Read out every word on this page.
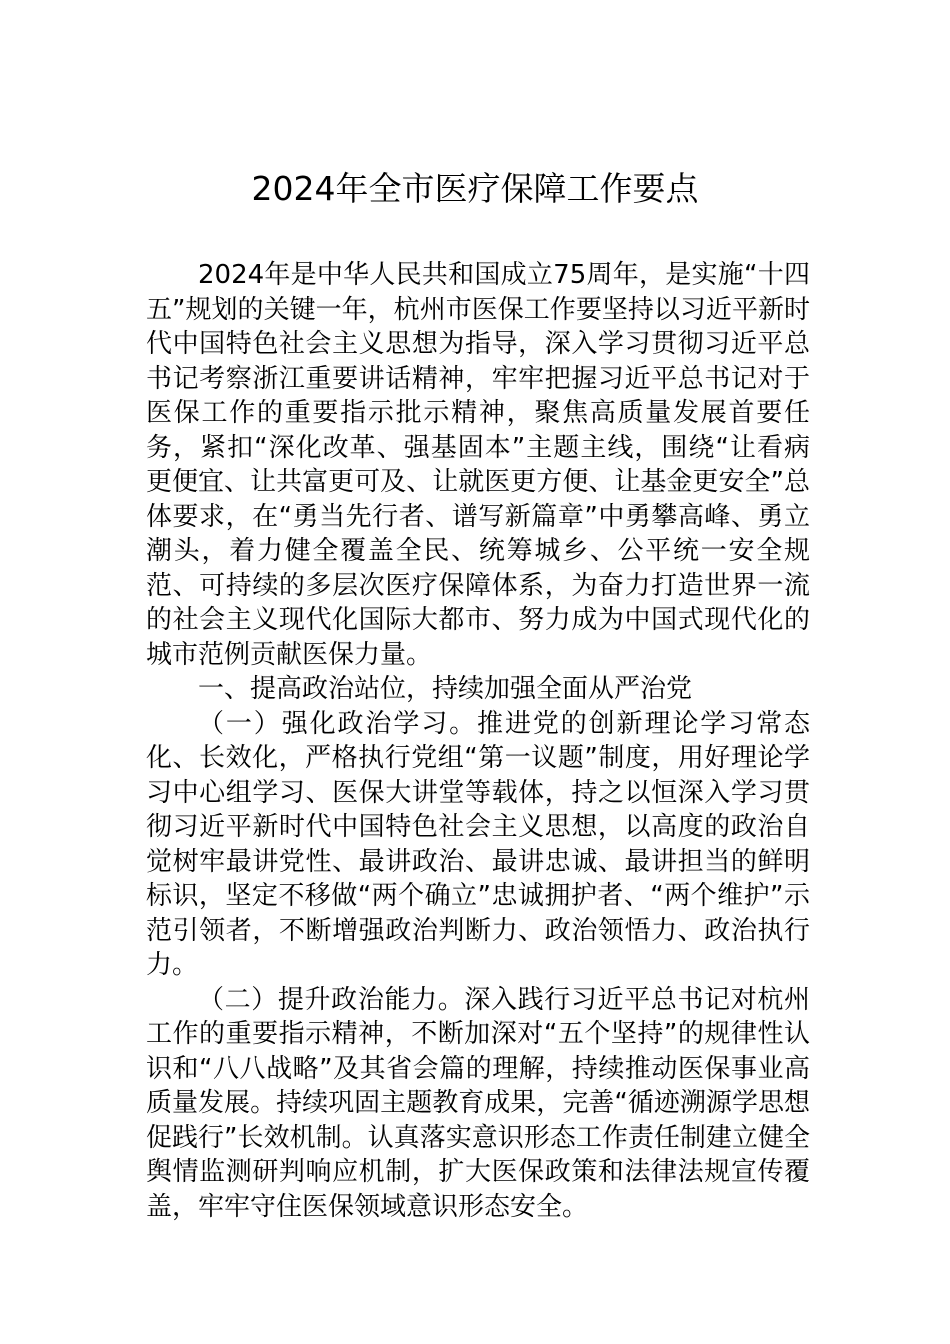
2024年全市医疗保障工作要点

2024年是中华人民共和国成立75周年，是实施“十四五”规划的关键一年，杭州市医保工作要坚持以习近平新时代中国特色社会主义思想为指导，深入学习贯彻习近平总书记考察浙江重要讲话精神，牢牢把握习近平总书记对于医保工作的重要指示批示精神，聚焦高质量发展首要任务，紧扣“深化改革、强基固本”主题主线，围绕“让看病更便宜、让共富更可及、让就医更方便、让基金更安全”总体要求，在“勇当先行者、谱写新篇章”中勇攀高峰、勇立潮头，着力健全覆盖全民、统筹城乡、公平统一安全规范、可持续的多层次医疗保障体系，为奋力打造世界一流的社会主义现代化国际大都市、努力成为中国式现代化的城市范例贡献医保力量。

一、提高政治站位，持续加强全面从严治党

（一）强化政治学习。推进党的创新理论学习常态化、长效化，严格执行党组“第一议题”制度，用好理论学习中心组学习、医保大讲堂等载体，持之以恒深入学习贯彻习近平新时代中国特色社会主义思想，以高度的政治自觉树牢最讲党性、最讲政治、最讲忠诚、最讲担当的鲜明标识，坚定不移做“两个确立”忠诚拥护者、“两个维护”示范引领者，不断增强政治判断力、政治领悟力、政治执行力。

（二）提升政治能力。深入践行习近平总书记对杭州工作的重要指示精神，不断加深对“五个坚持”的规律性认识和“八八战略”及其省会篇的理解，持续推动医保事业高质量发展。持续巩固主题教育成果，完善“循迹溯源学思想促践行”长效机制。认真落实意识形态工作责任制建立健全舆情监测研判响应机制，扩大医保政策和法律法规宣传覆盖，牢牢守住医保领域意识形态安全。
